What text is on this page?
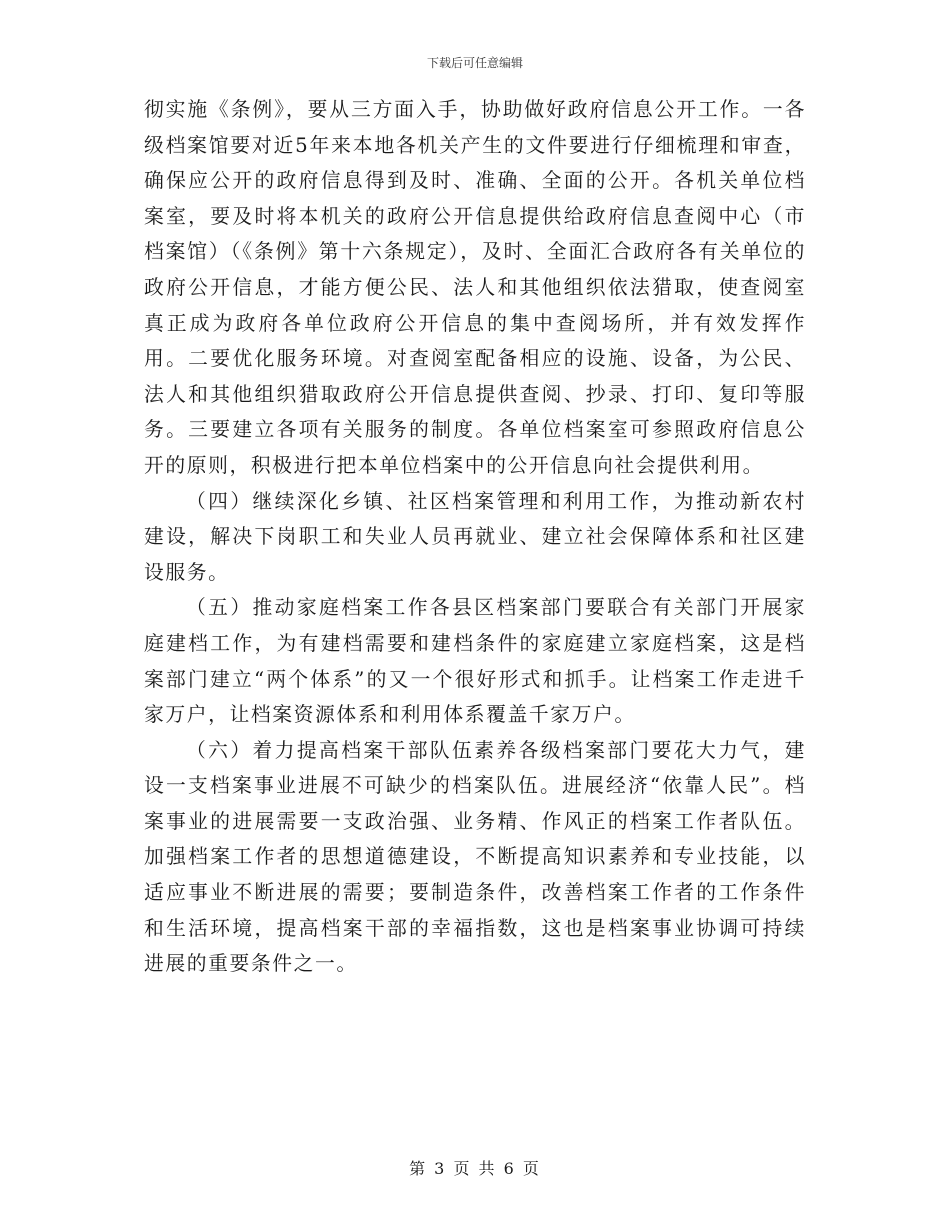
下载后可任意编辑

彻实施《条例》，要从三方面入手，协助做好政府信息公开工作。一各级档案馆要对近5年来本地各机关产生的文件要进行仔细梳理和审查，确保应公开的政府信息得到及时、准确、全面的公开。各机关单位档案室，要及时将本机关的政府公开信息提供给政府信息查阅中心（市档案馆）（《条例》第十六条规定），及时、全面汇合政府各有关单位的政府公开信息，才能方便公民、法人和其他组织依法猎取，使查阅室真正成为政府各单位政府公开信息的集中查阅场所，并有效发挥作用。二要优化服务环境。对查阅室配备相应的设施、设备，为公民、法人和其他组织猎取政府公开信息提供查阅、抄录、打印、复印等服务。三要建立各项有关服务的制度。各单位档案室可参照政府信息公开的原则，积极进行把本单位档案中的公开信息向社会提供利用。

（四）继续深化乡镇、社区档案管理和利用工作，为推动新农村建设，解决下岗职工和失业人员再就业、建立社会保障体系和社区建设服务。

（五）推动家庭档案工作各县区档案部门要联合有关部门开展家庭建档工作，为有建档需要和建档条件的家庭建立家庭档案，这是档案部门建立“两个体系”的又一个很好形式和抓手。让档案工作走进千家万户，让档案资源体系和利用体系覆盖千家万户。

（六）着力提高档案干部队伍素养各级档案部门要花大力气，建设一支档案事业进展不可缺少的档案队伍。进展经济“依靠人民”。档案事业的进展需要一支政治强、业务精、作风正的档案工作者队伍。加强档案工作者的思想道德建设，不断提高知识素养和专业技能，以适应事业不断进展的需要；要制造条件，改善档案工作者的工作条件和生活环境，提高档案干部的幸福指数，这也是档案事业协调可持续进展的重要条件之一。

第 3 页 共 6 页
